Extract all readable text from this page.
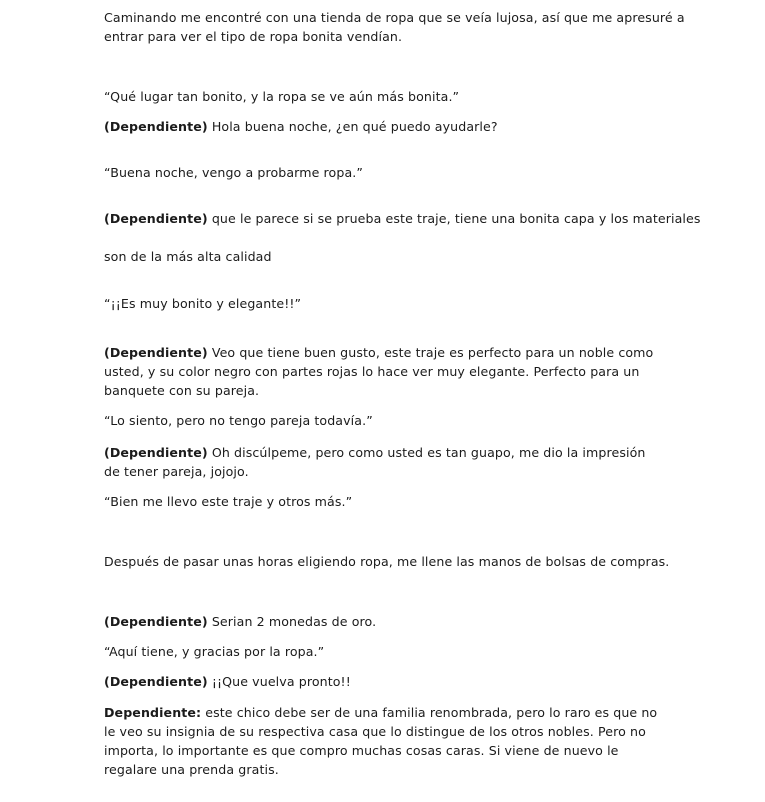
Caminando me encontré con una tienda de ropa que se veía lujosa, así que me apresuré a

entrar para ver el tipo de ropa bonita vendían.

“Qué lugar tan bonito, y la ropa se ve aún más bonita.”

(Dependiente) Hola buena noche, ¿en qué puedo ayudarle?

“Buena noche, vengo a probarme ropa.”

(Dependiente) que le parece si se prueba este traje, tiene una bonita capa y los materiales

son de la más alta calidad

“¡¡Es muy bonito y elegante!!”

(Dependiente) Veo que tiene buen gusto, este traje es perfecto para un noble como usted, y su color negro con partes rojas lo hace ver muy elegante. Perfecto para un banquete con su pareja.

“Lo siento, pero no tengo pareja todavía.”

(Dependiente) Oh discúlpeme, pero como usted es tan guapo, me dio la impresión de tener pareja, jojojo.

“Bien me llevo este traje y otros más.”

Después de pasar unas horas eligiendo ropa, me llene las manos de bolsas de compras.

(Dependiente) Serian 2 monedas de oro.

“Aquí tiene, y gracias por la ropa.”

(Dependiente) ¡¡Que vuelva pronto!!

Dependiente: este chico debe ser de una familia renombrada, pero lo raro es que no le veo su insignia de su respectiva casa que lo distingue de los otros nobles. Pero no importa, lo importante es que compro muchas cosas caras. Si viene de nuevo le regalare una prenda gratis.
